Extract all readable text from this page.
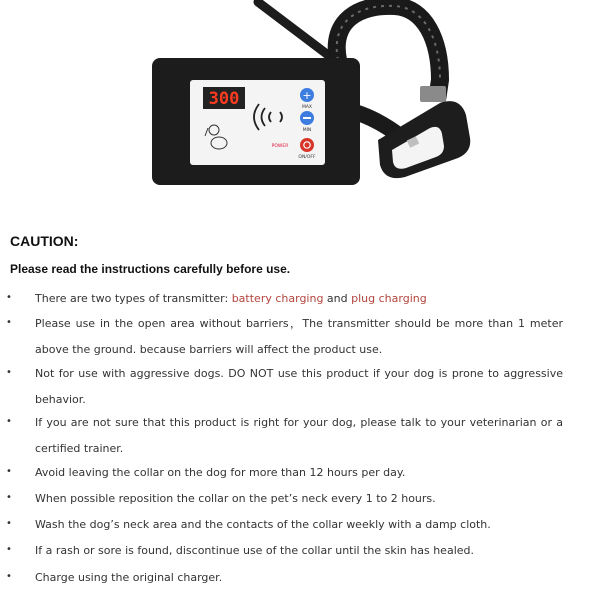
300	+
MAX
MIN
POWER
ON/OFF
CAUTION:
Please read the instructions carefully before use.
• There are two types of transmitter: battery charging and plug charging
• Please use in the open area without barriers，The transmitter should be more than 1 meter above the ground. because barriers will affect the product use.
• Not for use with aggressive dogs. DO NOT use this product if your dog is prone to aggressive behavior.
• If you are not sure that this product is right for your dog, please talk to your veterinarian or a certified trainer.
• Avoid leaving the collar on the dog for more than 12 hours per day.
• When possible reposition the collar on the pet’s neck every 1 to 2 hours.
• Wash the dog’s neck area and the contacts of the collar weekly with a damp cloth.
• If a rash or sore is found, discontinue use of the collar until the skin has healed.
• Charge using the original charger.
